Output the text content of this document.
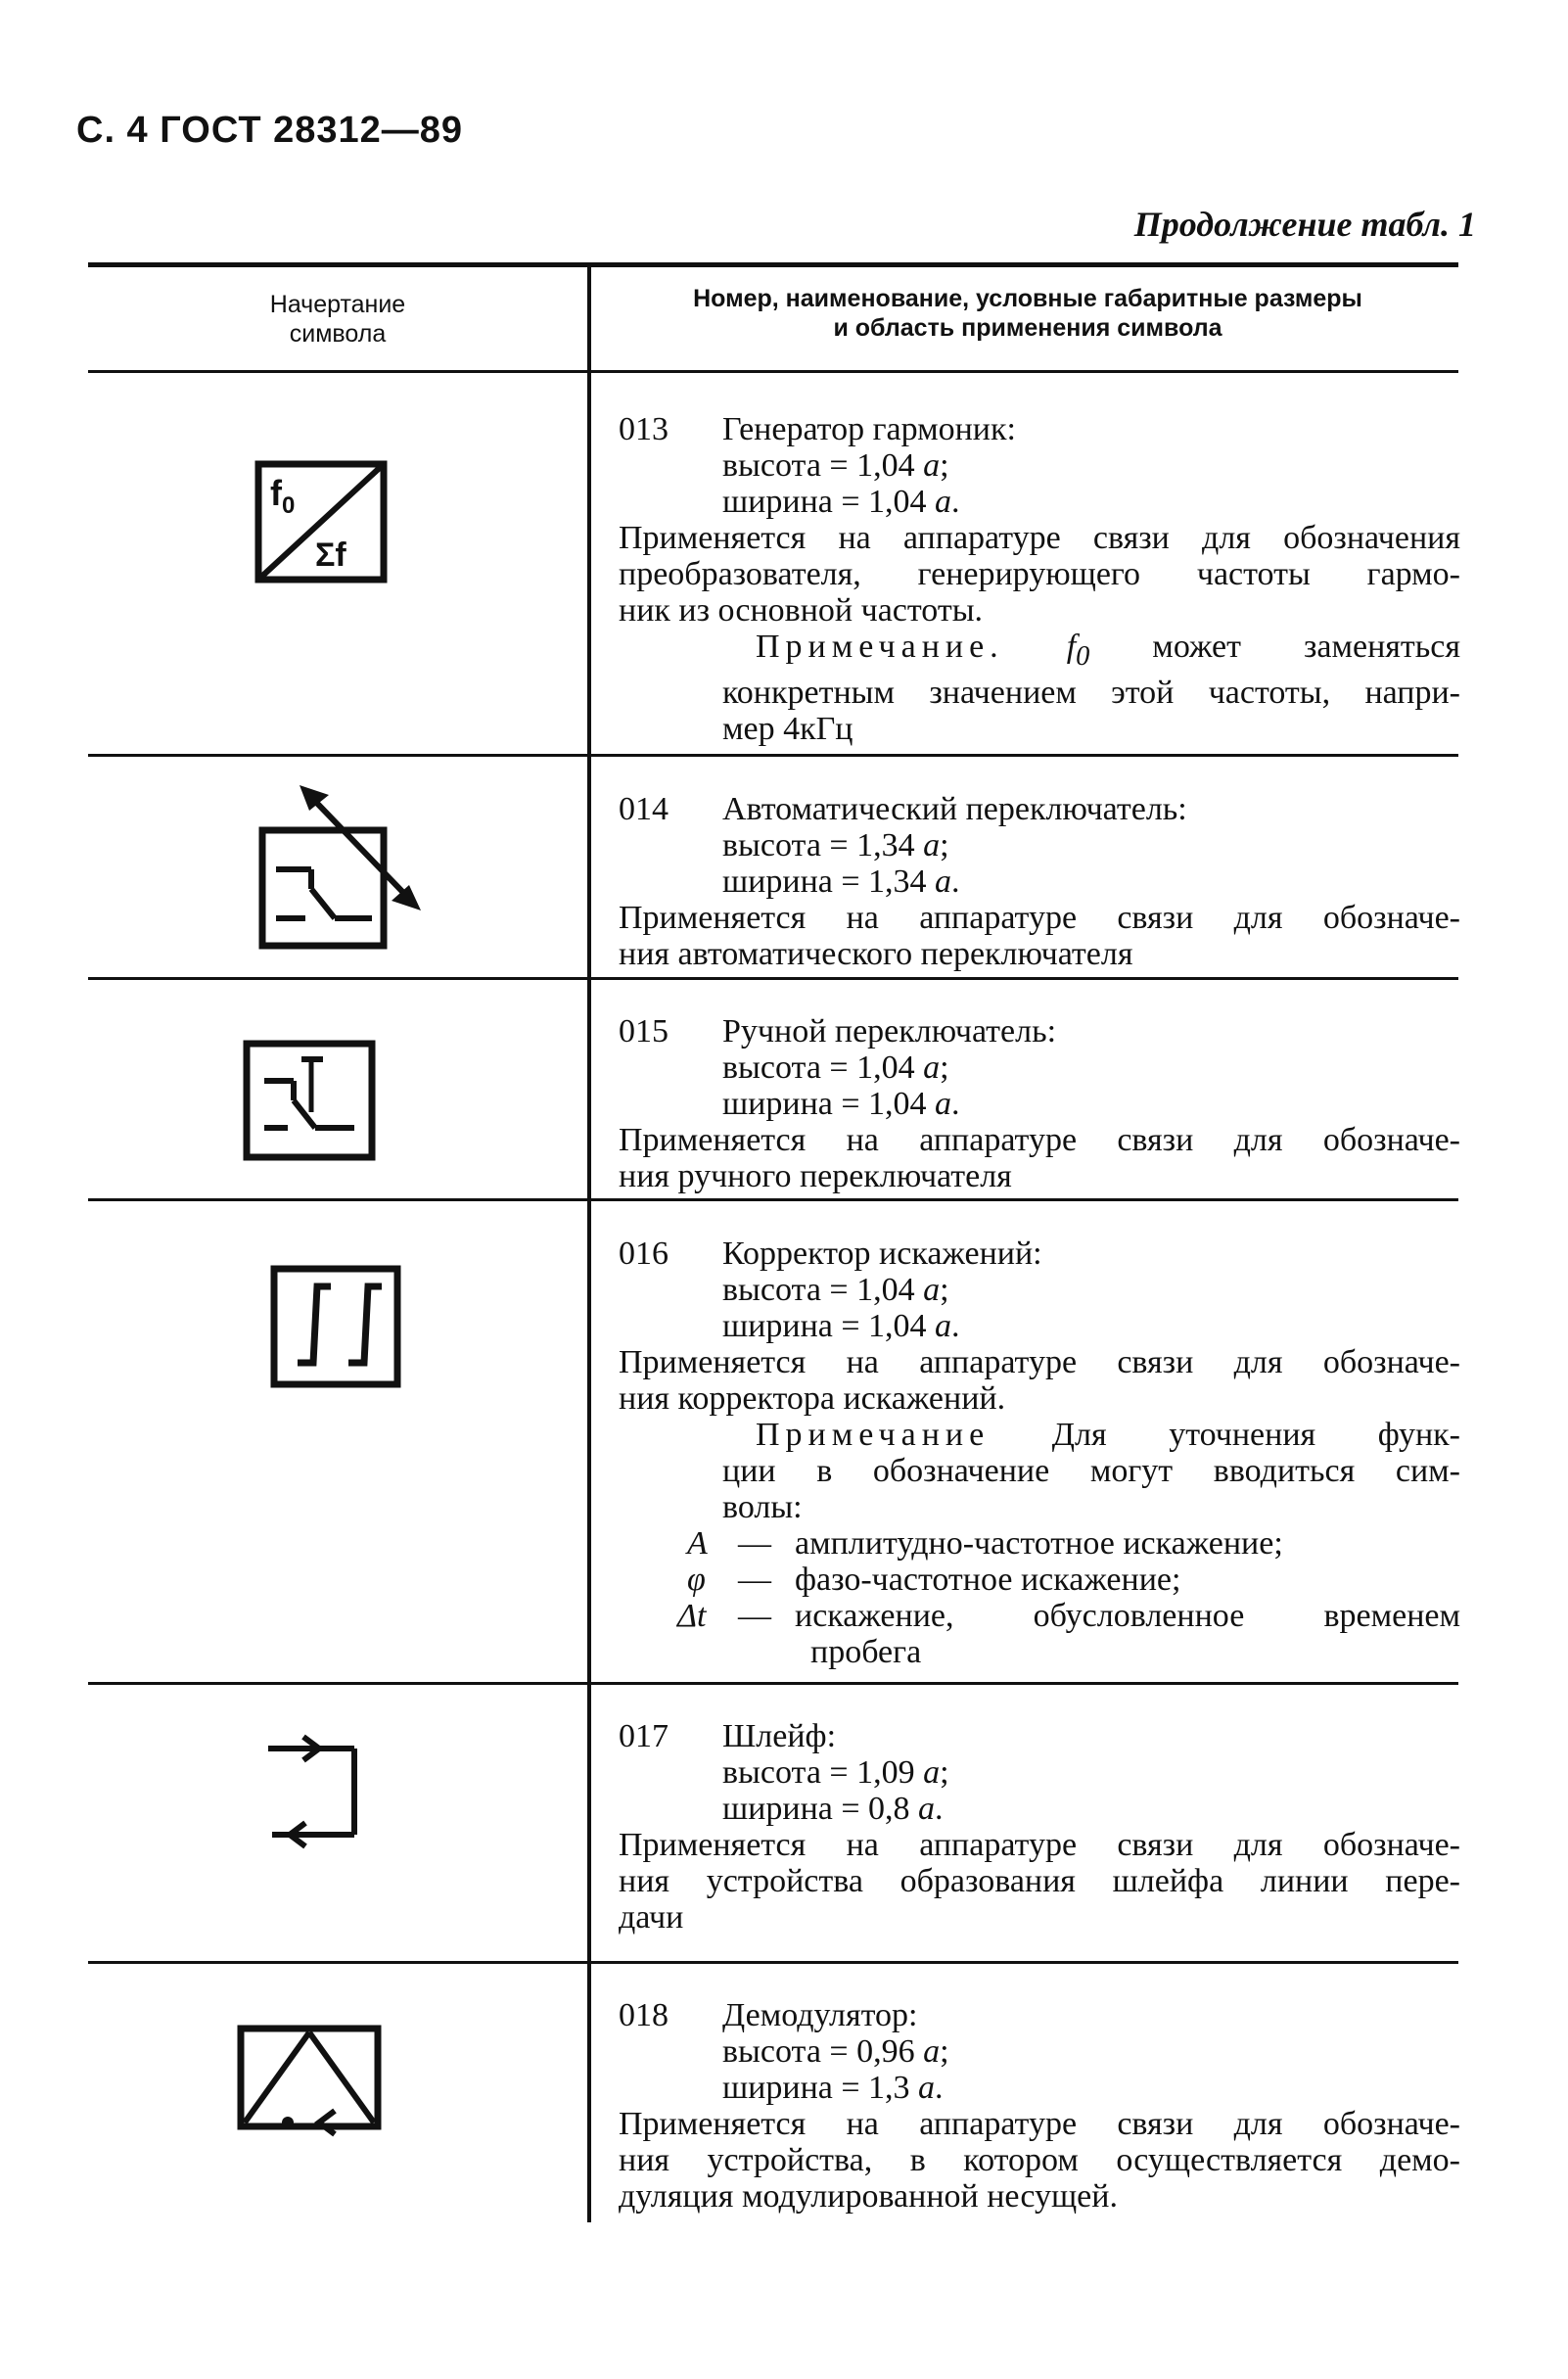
С. 4 ГОСТ 28312—89
Продолжение табл. 1
Начертание
символа
Номер, наименование, условные габаритные размеры
и область применения символа
$f_0$
Σf

013 Генератор гармоник:

высота = 1,04 a;

ширина = 1,04 a.

Применяется на аппаратуре связи для обозначения

преобразователя, генерирующего частоты гармо-

ник из основной частоты.

Примечание. $f_0$ может заменяться

конкретным значением этой частоты, напри-

мер 4кГц

014 Автоматический переключатель:

высота = 1,34 a;

ширина = 1,34 a.

Применяется на аппаратуре связи для обозначе-

ния автоматического переключателя

015 Ручной переключатель:

высота = 1,04 a;

ширина = 1,04 a.

Применяется на аппаратуре связи для обозначе-

ния ручного переключателя

016 Корректор искажений:

высота = 1,04 a;

ширина = 1,04 a.

Применяется на аппаратуре связи для обозначе-

ния корректора искажений.

Примечание Для уточнения функ-

ции в обозначение могут вводиться сим-

волы:

A — амплитудно-частотное искажение;
φ — фазо-частотное искажение;
Δt — искажение, обусловленное временем

пробега

017 Шлейф:

высота = 1,09 a;

ширина = 0,8 a.

Применяется на аппаратуре связи для обозначе-

ния устройства образования шлейфа линии пере-

дачи

018 Демодулятор:

высота = 0,96 a;

ширина = 1,3 a.

Применяется на аппаратуре связи для обозначе-

ния устройства, в котором осуществляется демо-

дуляция модулированной несущей.
